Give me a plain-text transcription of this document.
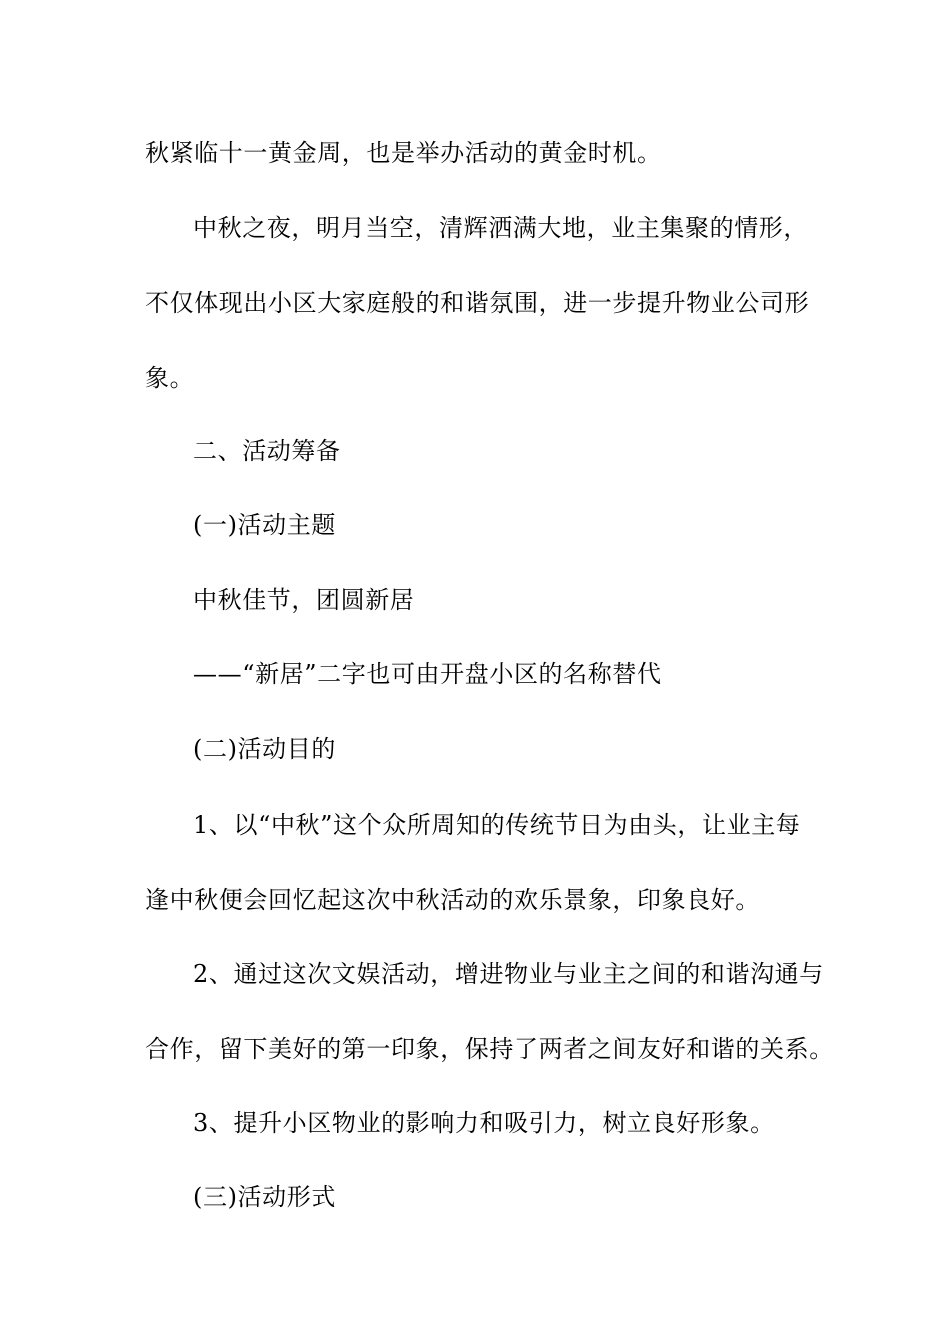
秋紧临十一黄金周，也是举办活动的黄金时机。
中秋之夜，明月当空，清辉洒满大地，业主集聚的情形，
不仅体现出小区大家庭般的和谐氛围，进一步提升物业公司形
象。
二、活动筹备
(一)活动主题
中秋佳节，团圆新居
——“新居”二字也可由开盘小区的名称替代
(二)活动目的
1、以“中秋”这个众所周知的传统节日为由头，让业主每
逢中秋便会回忆起这次中秋活动的欢乐景象，印象良好。
2、通过这次文娱活动，增进物业与业主之间的和谐沟通与
合作，留下美好的第一印象，保持了两者之间友好和谐的关系。
3、提升小区物业的影响力和吸引力，树立良好形象。
(三)活动形式
